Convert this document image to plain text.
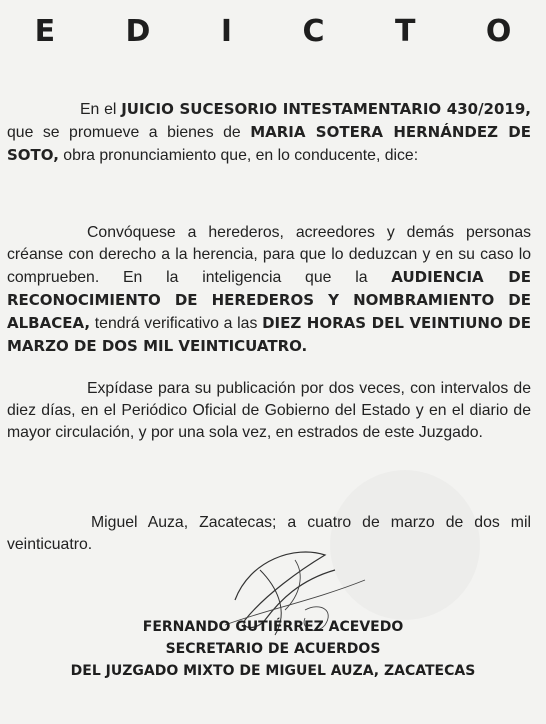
E D I C T O
En el JUICIO SUCESORIO INTESTAMENTARIO 430/2019, que se promueve a bienes de MARIA SOTERA HERNÁNDEZ DE SOTO, obra pronunciamiento que, en lo conducente, dice:
Convóquese a herederos, acreedores y demás personas créanse con derecho a la herencia, para que lo deduzcan y en su caso lo comprueben. En la inteligencia que la AUDIENCIA DE RECONOCIMIENTO DE HEREDEROS Y NOMBRAMIENTO DE ALBACEA, tendrá verificativo a las DIEZ HORAS DEL VEINTIUNO DE MARZO DE DOS MIL VEINTICUATRO.
Expídase para su publicación por dos veces, con intervalos de diez días, en el Periódico Oficial de Gobierno del Estado y en el diario de mayor circulación, y por una sola vez, en estrados de este Juzgado.
Miguel Auza, Zacatecas; a cuatro de marzo de dos mil veinticuatro.
FERNANDO GUTIÉRREZ ACEVEDO
SECRETARIO DE ACUERDOS
DEL JUZGADO MIXTO DE MIGUEL AUZA, ZACATECAS
